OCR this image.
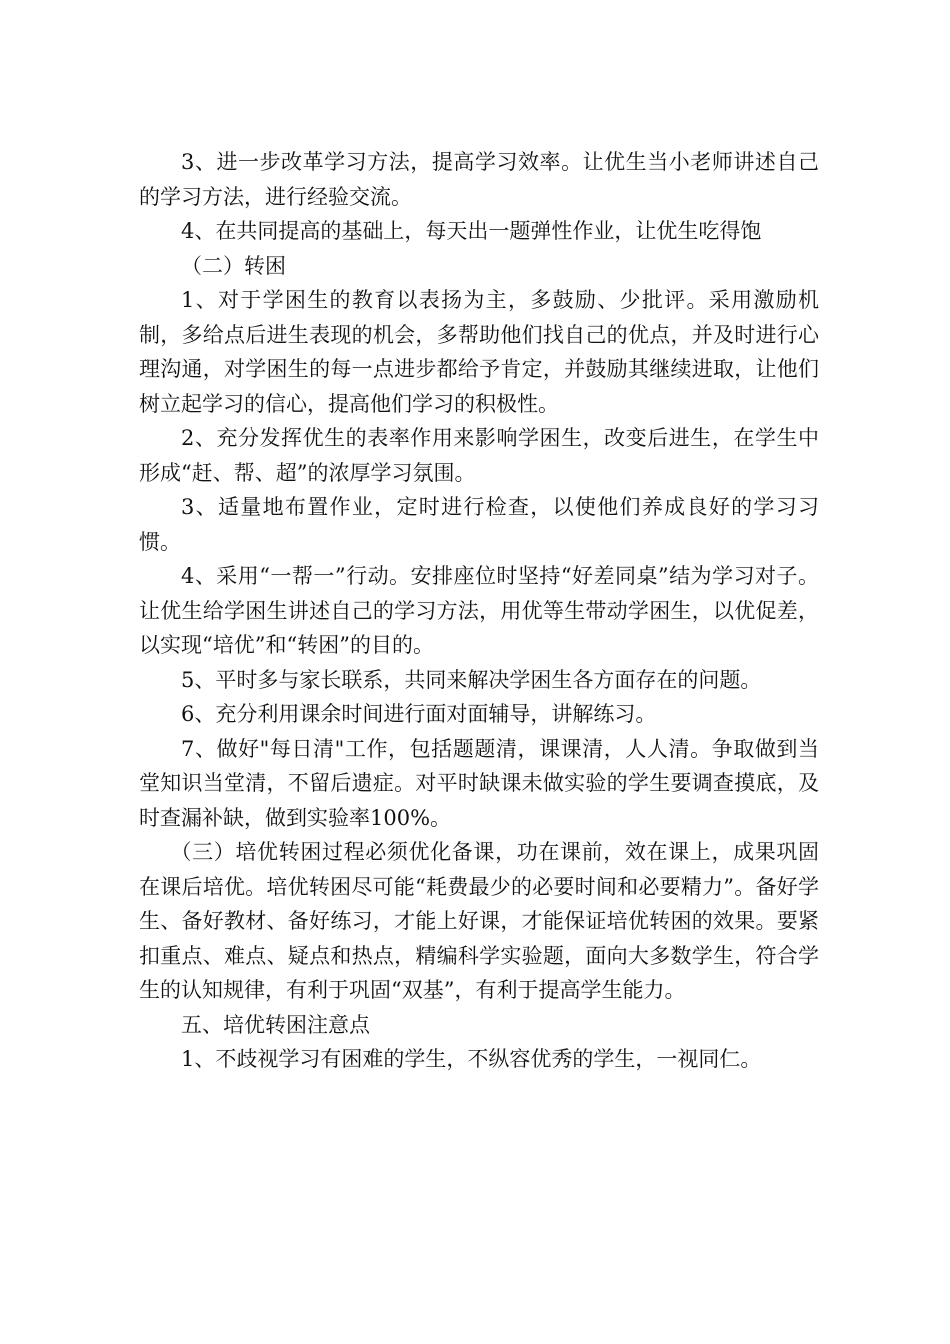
3、进一步改革学习方法，提高学习效率。让优生当小老师讲述自己的学习方法，进行经验交流。

4、在共同提高的基础上，每天出一题弹性作业，让优生吃得饱

（二）转困

1、对于学困生的教育以表扬为主，多鼓励、少批评。采用激励机制，多给点后进生表现的机会，多帮助他们找自己的优点，并及时进行心理沟通，对学困生的每一点进步都给予肯定，并鼓励其继续进取，让他们树立起学习的信心，提高他们学习的积极性。

2、充分发挥优生的表率作用来影响学困生，改变后进生，在学生中形成“赶、帮、超”的浓厚学习氛围。

3、适量地布置作业，定时进行检查，以使他们养成良好的学习习惯。

4、采用“一帮一”行动。安排座位时坚持“好差同桌”结为学习对子。让优生给学困生讲述自己的学习方法，用优等生带动学困生，以优促差，以实现“培优”和“转困”的目的。

5、平时多与家长联系，共同来解决学困生各方面存在的问题。

6、充分利用课余时间进行面对面辅导，讲解练习。

7、做好"每日清"工作，包括题题清，课课清，人人清。争取做到当堂知识当堂清，不留后遗症。对平时缺课未做实验的学生要调查摸底，及时查漏补缺，做到实验率100%。

（三）培优转困过程必须优化备课，功在课前，效在课上，成果巩固在课后培优。培优转困尽可能“耗费最少的必要时间和必要精力”。备好学生、备好教材、备好练习，才能上好课，才能保证培优转困的效果。要紧扣重点、难点、疑点和热点，精编科学实验题，面向大多数学生，符合学生的认知规律，有利于巩固“双基”，有利于提高学生能力。

五、培优转困注意点

1、不歧视学习有困难的学生，不纵容优秀的学生，一视同仁。
